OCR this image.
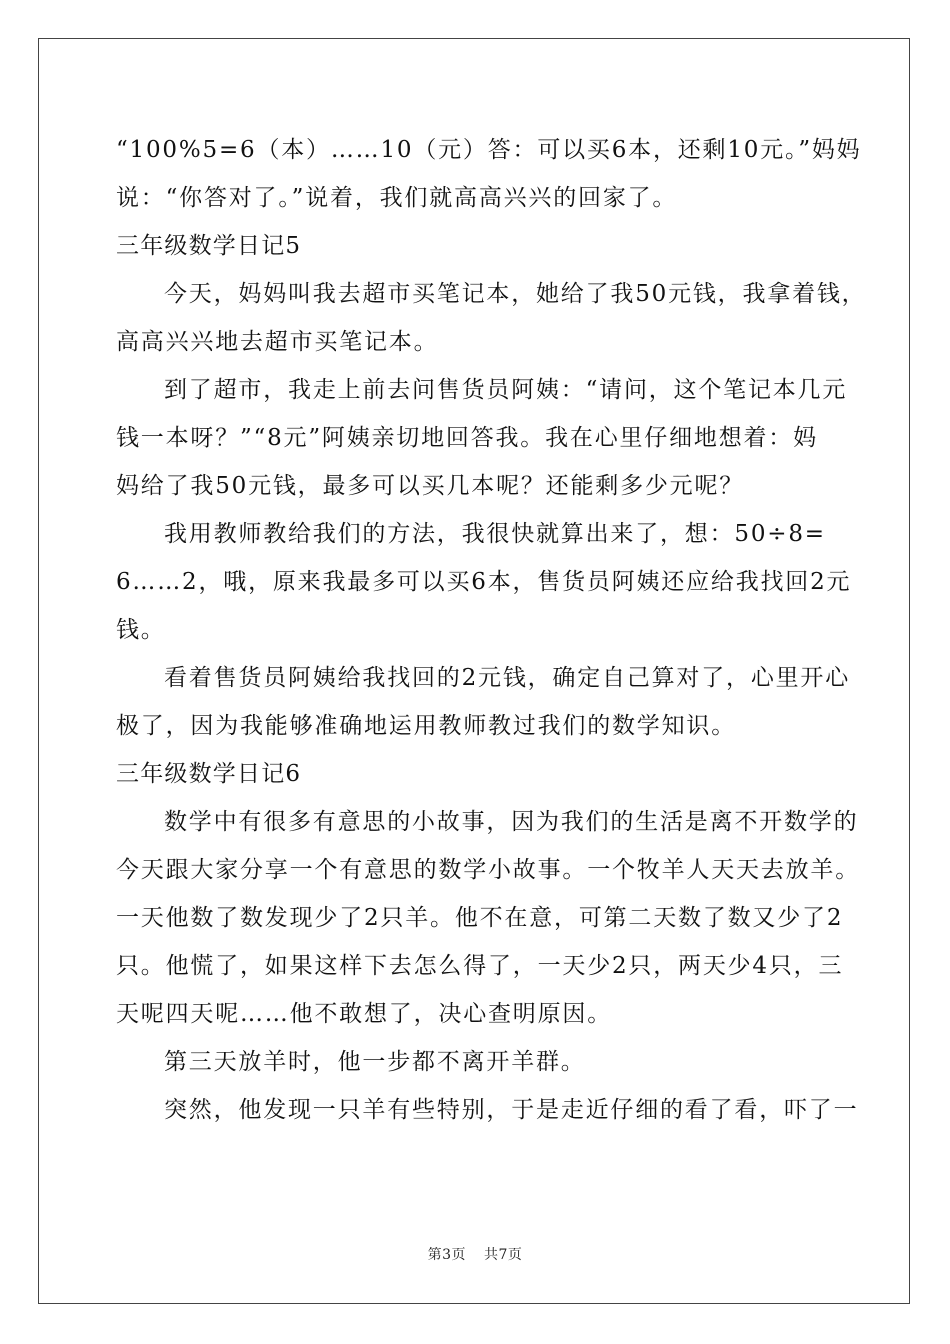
“100%5=6（本）……10（元）答：可以买6本，还剩10元。”妈妈
说：“你答对了。”说着，我们就高高兴兴的回家了。
三年级数学日记5
今天，妈妈叫我去超市买笔记本，她给了我50元钱，我拿着钱，
高高兴兴地去超市买笔记本。
到了超市，我走上前去问售货员阿姨：“请问，这个笔记本几元
钱一本呀？”“8元”阿姨亲切地回答我。我在心里仔细地想着：妈
妈给了我50元钱，最多可以买几本呢？还能剩多少元呢？
我用教师教给我们的方法，我很快就算出来了，想：50÷8=
6……2，哦，原来我最多可以买6本，售货员阿姨还应给我找回2元
钱。
看着售货员阿姨给我找回的2元钱，确定自己算对了，心里开心
极了，因为我能够准确地运用教师教过我们的数学知识。
三年级数学日记6
数学中有很多有意思的小故事，因为我们的生活是离不开数学的
今天跟大家分享一个有意思的数学小故事。一个牧羊人天天去放羊。
一天他数了数发现少了2只羊。他不在意，可第二天数了数又少了2
只。他慌了，如果这样下去怎么得了，一天少2只，两天少4只，三
天呢四天呢……他不敢想了，决心查明原因。
第三天放羊时，他一步都不离开羊群。
突然，他发现一只羊有些特别，于是走近仔细的看了看，吓了一
第3页 共7页
